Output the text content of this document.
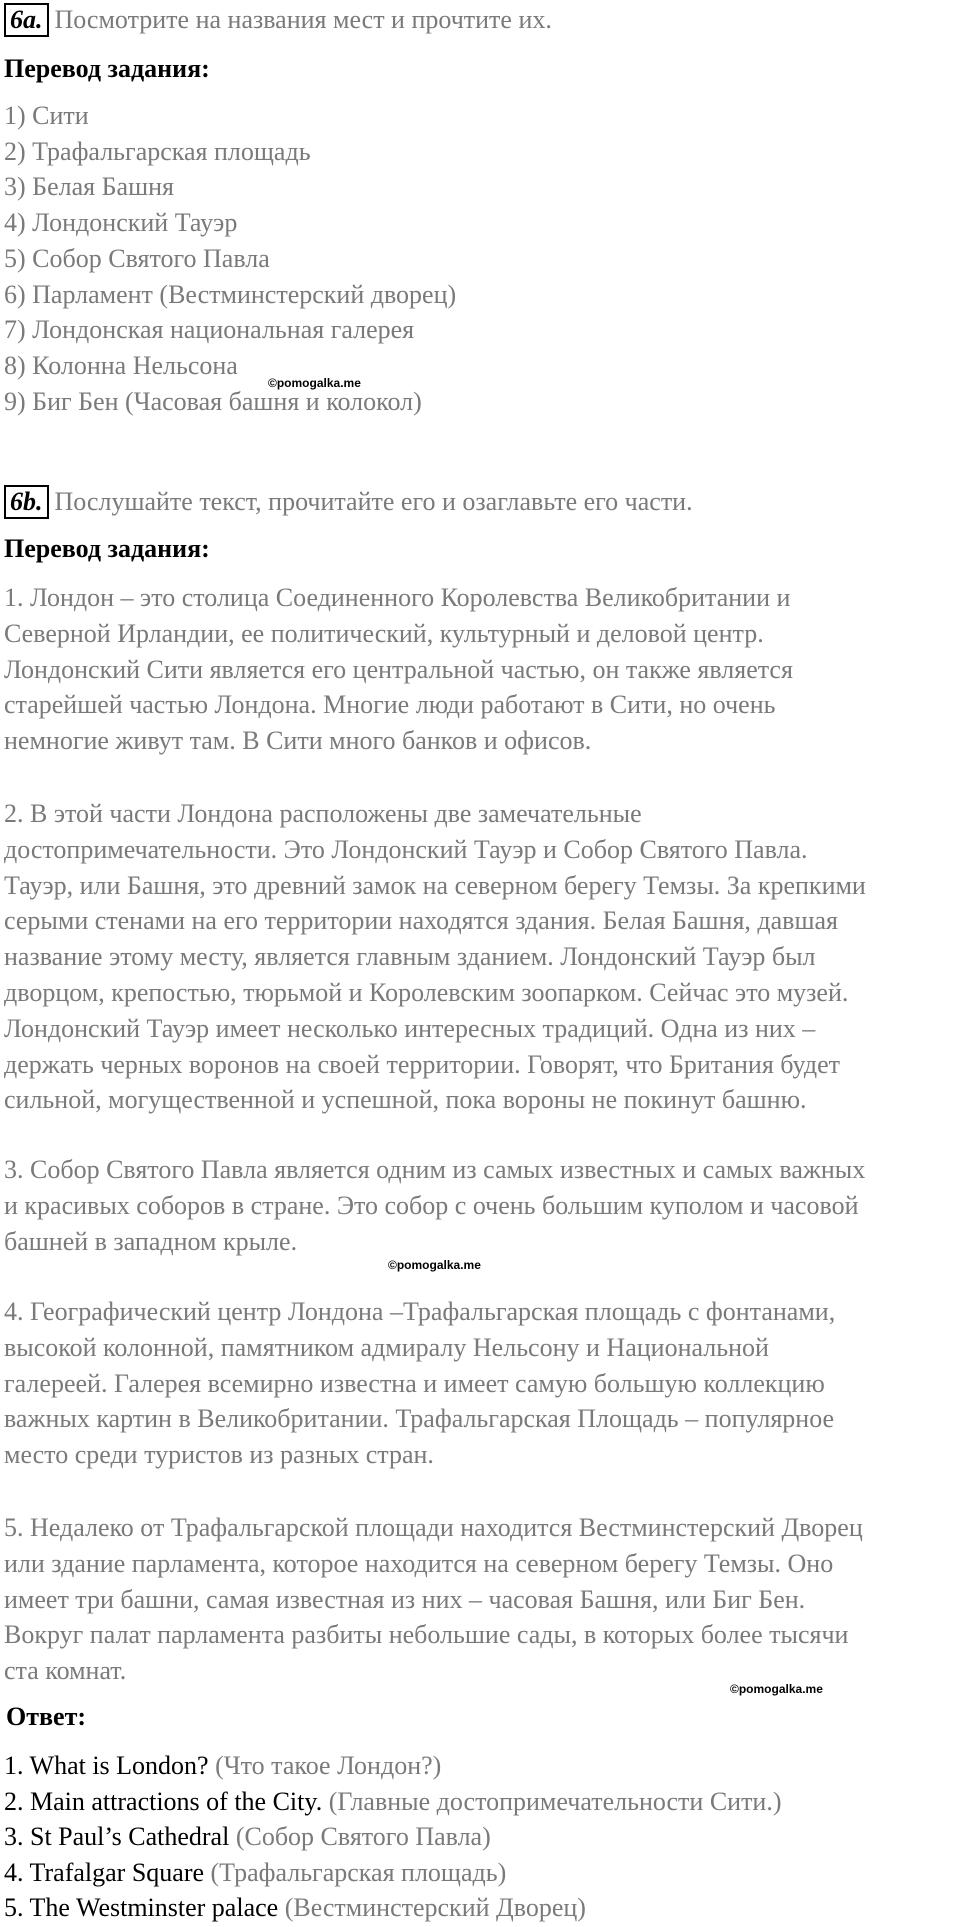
6a. Посмотрите на названия мест и прочтите их.
Перевод задания:
1) Сити
2) Трафальгарская площадь
3) Белая Башня
4) Лондонский Тауэр
5) Собор Святого Павла
6) Парламент (Вестминстерский дворец)
7) Лондонская национальная галерея
8) Колонна Нельсона
9) Биг Бен (Часовая башня и колокол)
©pomogalka.me
6b. Послушайте текст, прочитайте его и озаглавьте его части.
Перевод задания:
1. Лондон – это столица Соединенного Королевства Великобритании и
Северной Ирландии, ее политический, культурный и деловой центр.
Лондонский Сити является его центральной частью, он также является
старейшей частью Лондона. Многие люди работают в Сити, но очень
немногие живут там. В Сити много банков и офисов.
2. В этой части Лондона расположены две замечательные
достопримечательности. Это Лондонский Тауэр и Собор Святого Павла.
Тауэр, или Башня, это древний замок на северном берегу Темзы. За крепкими
серыми стенами на его территории находятся здания. Белая Башня, давшая
название этому месту, является главным зданием. Лондонский Тауэр был
дворцом, крепостью, тюрьмой и Королевским зоопарком. Сейчас это музей.
Лондонский Тауэр имеет несколько интересных традиций. Одна из них –
держать черных воронов на своей территории. Говорят, что Британия будет
сильной, могущественной и успешной, пока вороны не покинут башню.
3. Собор Святого Павла является одним из самых известных и самых важных
и красивых соборов в стране. Это собор с очень большим куполом и часовой
башней в западном крыле.
©pomogalka.me
4. Географический центр Лондона –Трафальгарская площадь с фонтанами,
высокой колонной, памятником адмиралу Нельсону и Национальной
галереей. Галерея всемирно известна и имеет самую большую коллекцию
важных картин в Великобритании. Трафальгарская Площадь – популярное
место среди туристов из разных стран.
5. Недалеко от Трафальгарской площади находится Вестминстерский Дворец
или здание парламента, которое находится на северном берегу Темзы. Оно
имеет три башни, самая известная из них – часовая Башня, или Биг Бен.
Вокруг палат парламента разбиты небольшие сады, в которых более тысячи
ста комнат.
©pomogalka.me
Ответ:
1. What is London? (Что такое Лондон?)
2. Main attractions of the City. (Главные достопримечательности Сити.)
3. St Paul’s Cathedral (Собор Святого Павла)
4. Trafalgar Square (Трафальгарская площадь)
5. The Westminster palace (Вестминстерский Дворец)
